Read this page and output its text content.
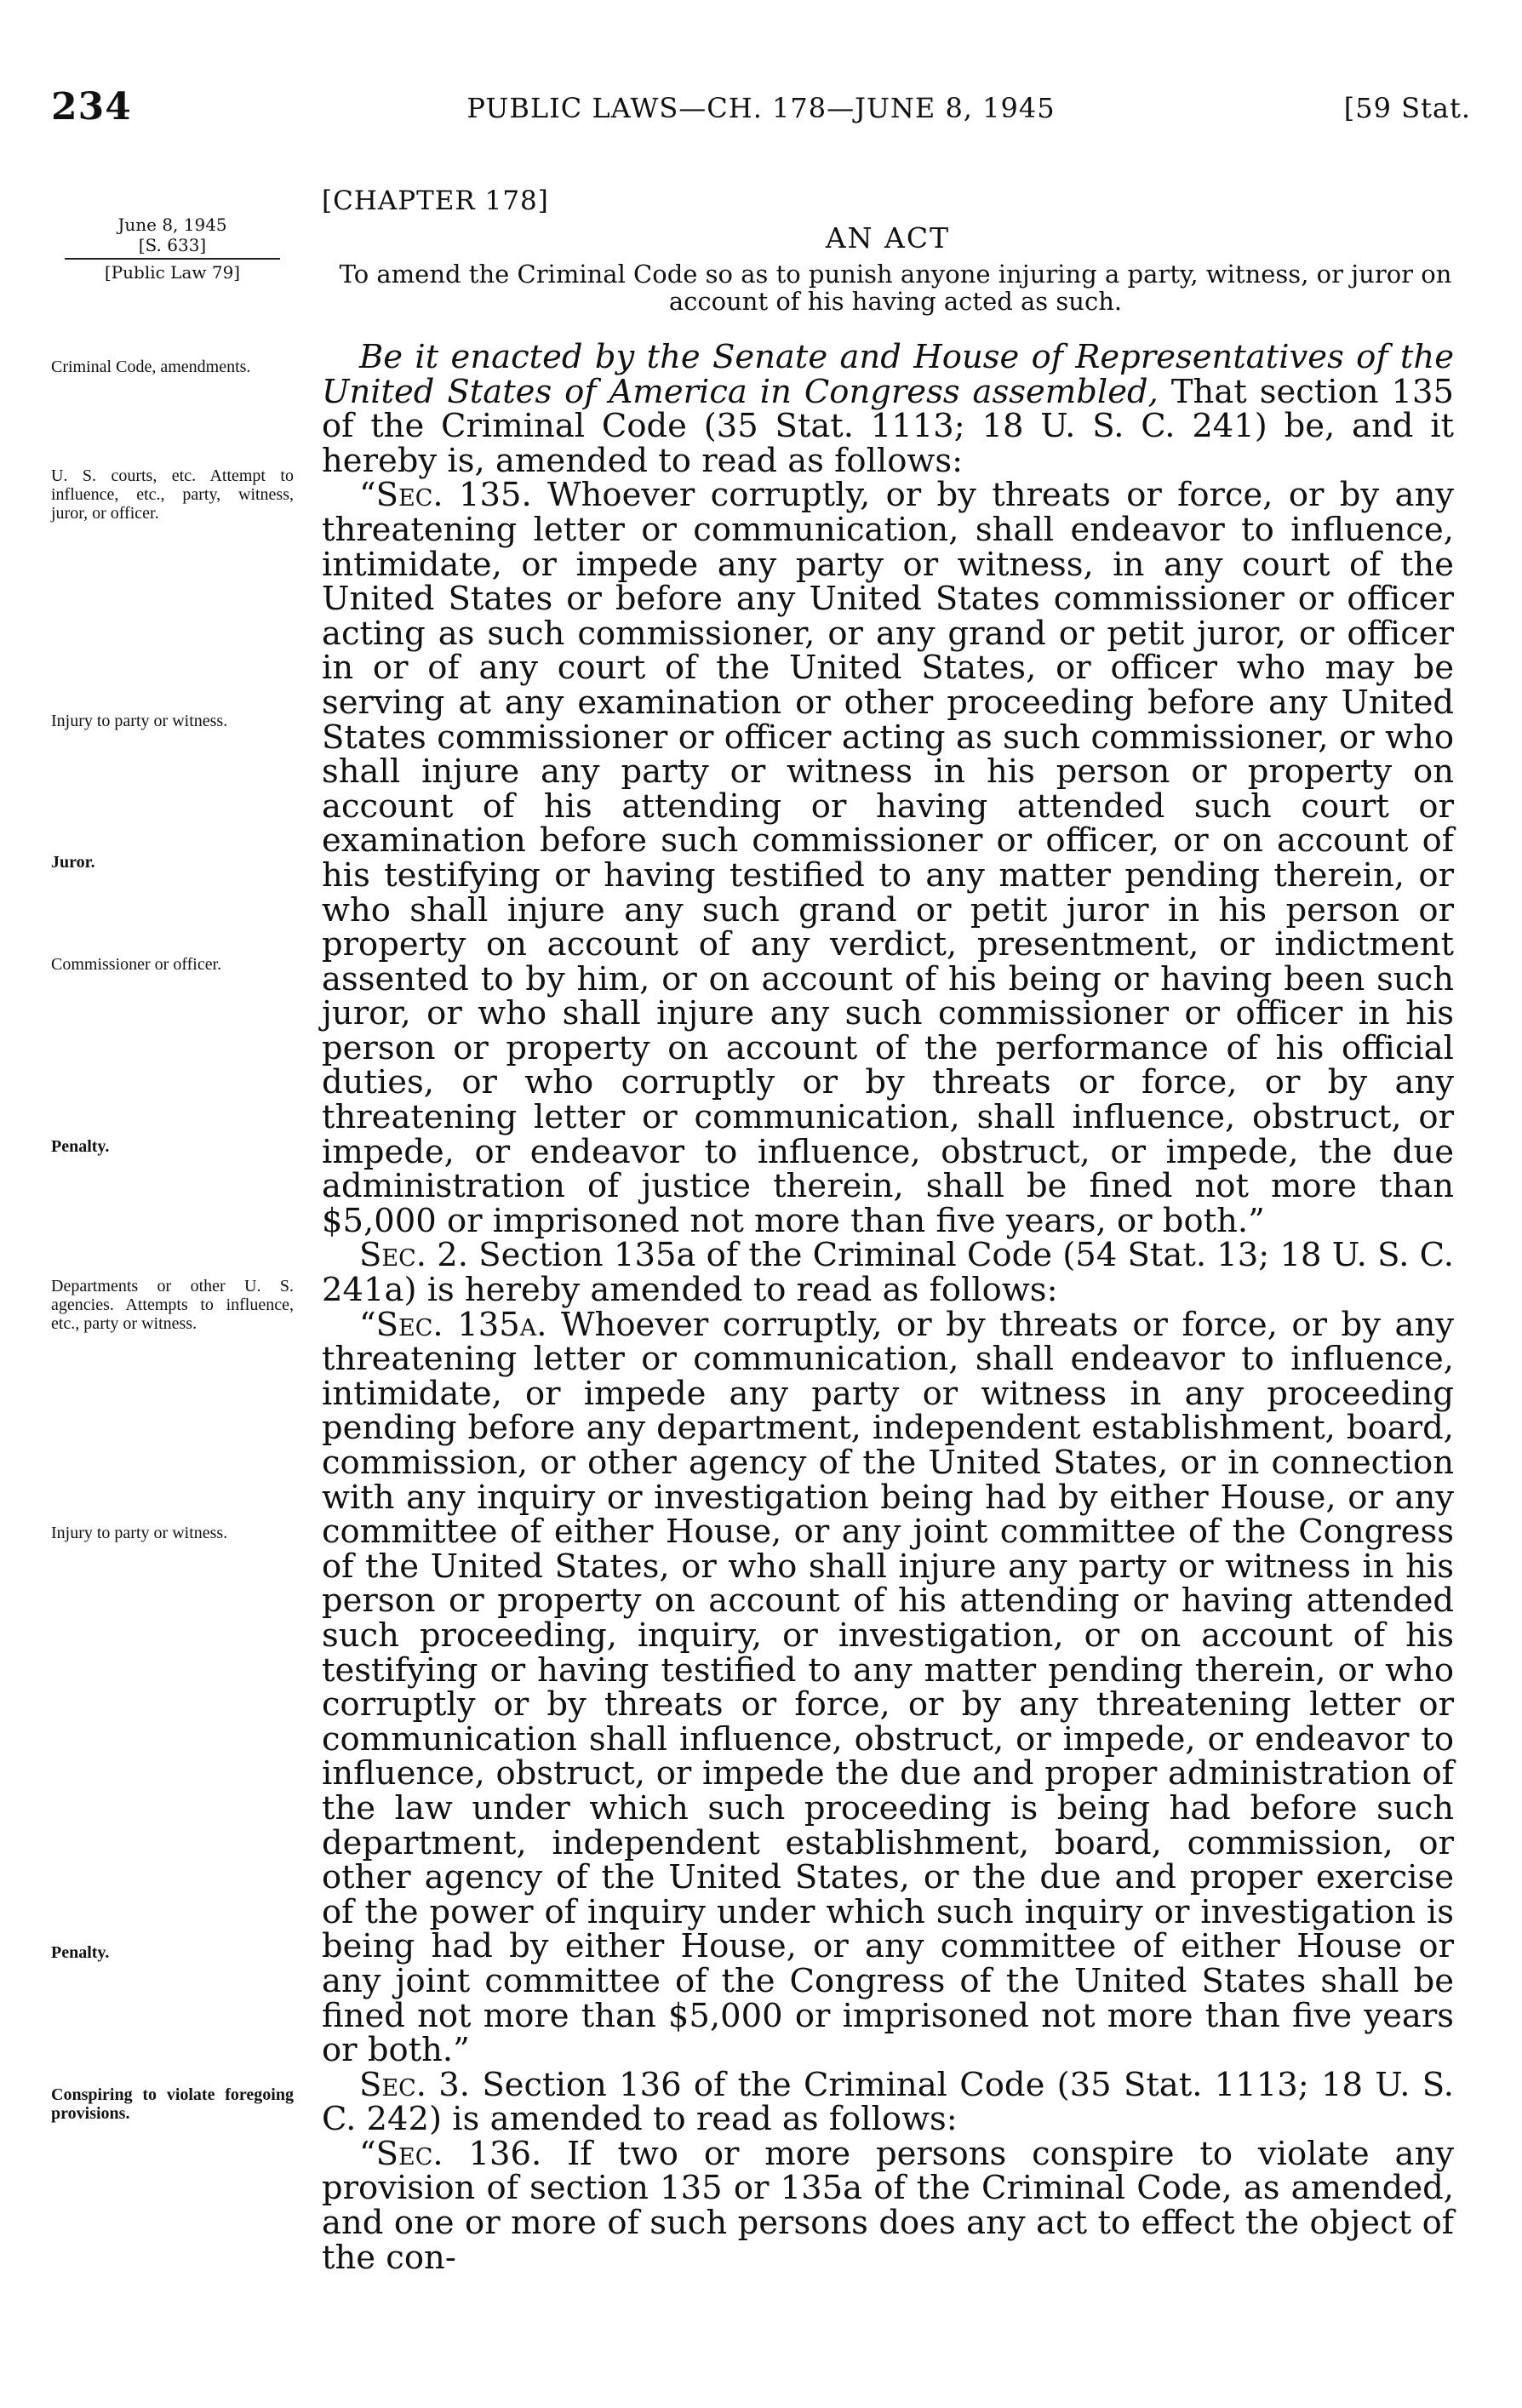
234	PUBLIC LAWS—CH. 178—JUNE 8, 1945	[59 Stat.
June 8, 1945
[S. 633]
[Public Law 79]
Criminal Code, amendments.
U. S. courts, etc. Attempt to influence, etc., party, witness, juror, or officer.
Injury to party or witness.
Juror.
Commissioner or officer.
Penalty.
Departments or other U. S. agencies. Attempts to influence, etc., party or witness.
Injury to party or witness.
Penalty.
Conspiring to violate foregoing provisions.
[CHAPTER 178]
AN ACT
To amend the Criminal Code so as to punish anyone injuring a party, witness, or juror on account of his having acted as such.

Be it enacted by the Senate and House of Representatives of the United States of America in Congress assembled, That section 135 of the Criminal Code (35 Stat. 1113; 18 U. S. C. 241) be, and it hereby is, amended to read as follows:

“Sec. 135. Whoever corruptly, or by threats or force, or by any threatening letter or communication, shall endeavor to influence, intimidate, or impede any party or witness, in any court of the United States or before any United States commissioner or officer acting as such commissioner, or any grand or petit juror, or officer in or of any court of the United States, or officer who may be serving at any examination or other proceeding before any United States commissioner or officer acting as such commissioner, or who shall injure any party or witness in his person or property on account of his attending or having attended such court or examination before such commissioner or officer, or on account of his testifying or having testified to any matter pending therein, or who shall injure any such grand or petit juror in his person or property on account of any verdict, presentment, or indictment assented to by him, or on account of his being or having been such juror, or who shall injure any such commissioner or officer in his person or property on account of the performance of his official duties, or who corruptly or by threats or force, or by any threatening letter or communication, shall influence, obstruct, or impede, or endeavor to influence, obstruct, or impede, the due administration of justice therein, shall be fined not more than $5,000 or imprisoned not more than five years, or both.”

Sec. 2. Section 135a of the Criminal Code (54 Stat. 13; 18 U. S. C. 241a) is hereby amended to read as follows:

“Sec. 135a. Whoever corruptly, or by threats or force, or by any threatening letter or communication, shall endeavor to influence, intimidate, or impede any party or witness in any proceeding pending before any department, independent establishment, board, commission, or other agency of the United States, or in connection with any inquiry or investigation being had by either House, or any committee of either House, or any joint committee of the Congress of the United States, or who shall injure any party or witness in his person or property on account of his attending or having attended such proceeding, inquiry, or investigation, or on account of his testifying or having testified to any matter pending therein, or who corruptly or by threats or force, or by any threatening letter or communication shall influence, obstruct, or impede, or endeavor to influence, obstruct, or impede the due and proper administration of the law under which such proceeding is being had before such department, independent establishment, board, commission, or other agency of the United States, or the due and proper exercise of the power of inquiry under which such inquiry or investigation is being had by either House, or any committee of either House or any joint committee of the Congress of the United States shall be fined not more than $5,000 or imprisoned not more than five years or both.”

Sec. 3. Section 136 of the Criminal Code (35 Stat. 1113; 18 U. S. C. 242) is amended to read as follows:

“Sec. 136. If two or more persons conspire to violate any provision of section 135 or 135a of the Criminal Code, as amended, and one or more of such persons does any act to effect the object of the con-
